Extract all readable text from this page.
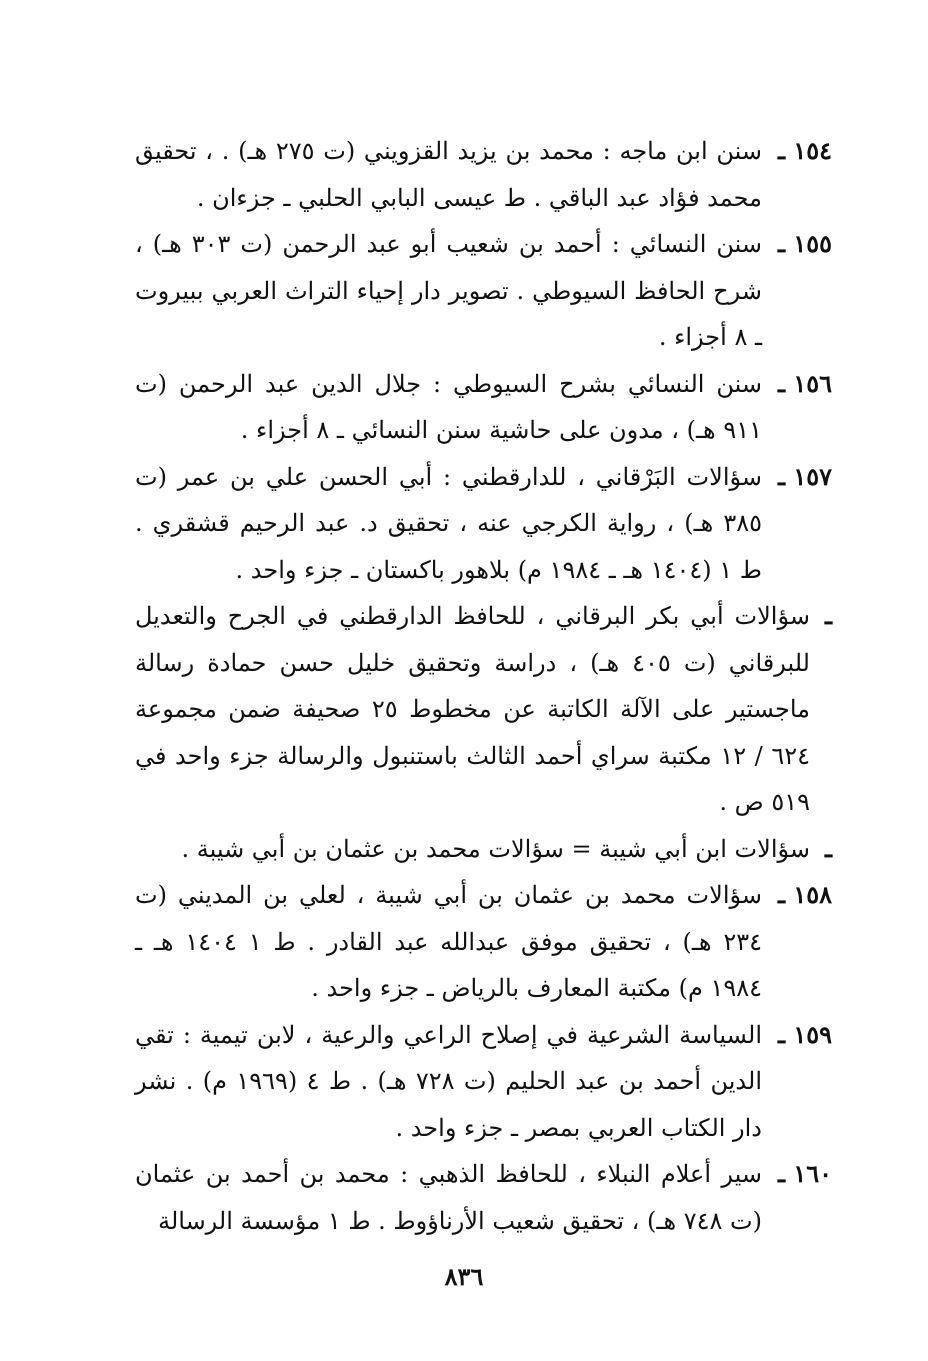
١٥٤ ـ
سنن ابن ماجه : محمد بن يزيد القزويني (ت ٢٧٥ هـ) . ، تحقيق محمد فؤاد عبد الباقي . ط عيسى البابي الحلبي ـ جزءان .
١٥٥ ـ
سنن النسائي : أحمد بن شعيب أبو عبد الرحمن (ت ٣٠٣ هـ) ، شرح الحافظ السيوطي . تصوير دار إحياء التراث العربي ببيروت ـ ٨ أجزاء .
١٥٦ ـ
سنن النسائي بشرح السيوطي : جلال الدين عبد الرحمن (ت ٩١١ هـ) ، مدون على حاشية سنن النسائي ـ ٨ أجزاء .
١٥٧ ـ
سؤالات البَرْقاني ، للدارقطني : أبي الحسن علي بن عمر (ت ٣٨٥ هـ) ، رواية الكرجي عنه ، تحقيق د. عبد الرحيم قشقري . ط ١ (١٤٠٤ هـ ـ ١٩٨٤ م) بلاهور باكستان ـ جزء واحد .
ـ
سؤالات أبي بكر البرقاني ، للحافظ الدارقطني في الجرح والتعديل للبرقاني (ت ٤٠٥ هـ) ، دراسة وتحقيق خليل حسن حمادة رسالة ماجستير على الآلة الكاتبة عن مخطوط ٢٥ صحيفة ضمن مجموعة ٦٢٤ / ١٢ مكتبة سراي أحمد الثالث باستنبول والرسالة جزء واحد في ٥١٩ ص .
ـ
سؤالات ابن أبي شيبة = سؤالات محمد بن عثمان بن أبي شيبة .
١٥٨ ـ
سؤالات محمد بن عثمان بن أبي شيبة ، لعلي بن المديني (ت ٢٣٤ هـ) ، تحقيق موفق عبدالله عبد القادر . ط ١ ١٤٠٤ هـ ـ ١٩٨٤ م) مكتبة المعارف بالرياض ـ جزء واحد .
١٥٩ ـ
السياسة الشرعية في إصلاح الراعي والرعية ، لابن تيمية : تقي الدين أحمد بن عبد الحليم (ت ٧٢٨ هـ) . ط ٤ (١٩٦٩ م) . نشر دار الكتاب العربي بمصر ـ جزء واحد .
١٦٠ ـ
سير أعلام النبلاء ، للحافظ الذهبي : محمد بن أحمد بن عثمان (ت ٧٤٨ هـ) ، تحقيق شعيب الأرناؤوط . ط ١ مؤسسة الرسالة
٨٣٦
